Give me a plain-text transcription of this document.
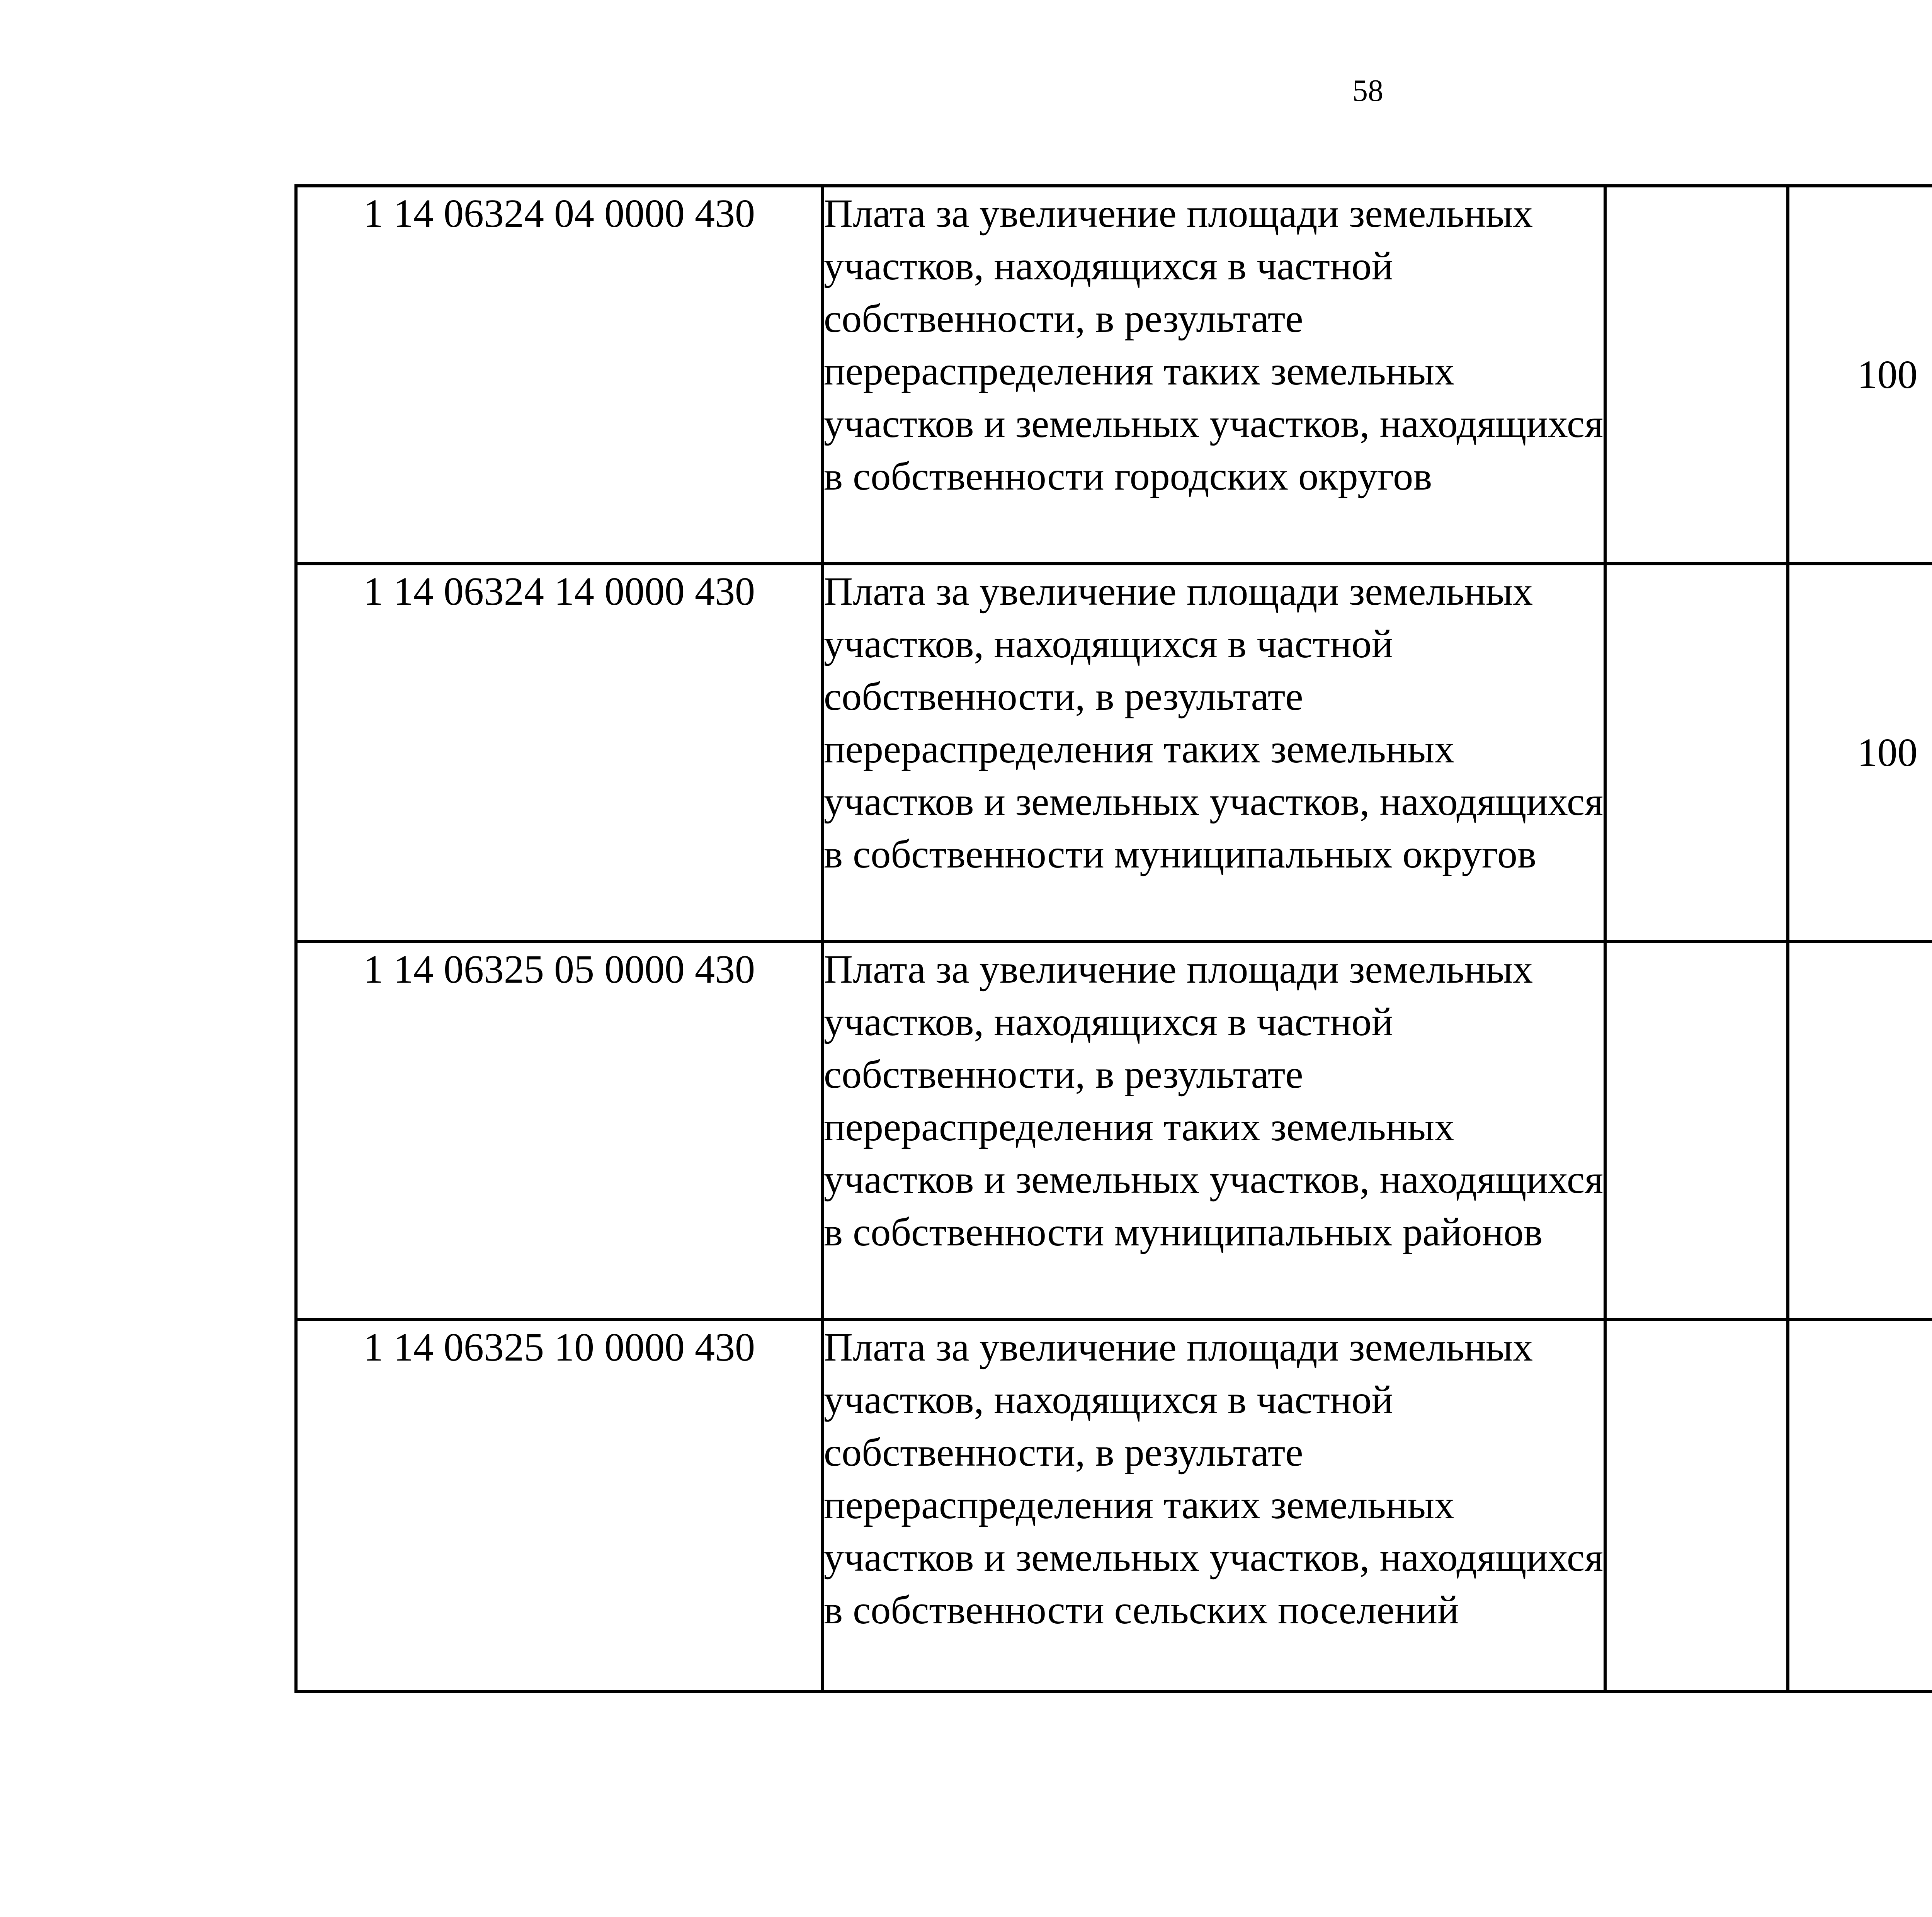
58
1 14 06324 04 0000 430	Плата за увеличение площади земельных участков, находящихся в частной собственности, в результате перераспределения таких земельных участков и земельных участков, находящихся в собственности городских округов		100			
1 14 06324 14 0000 430	Плата за увеличение площади земельных участков, находящихся в частной собственности, в результате перераспределения таких земельных участков и земельных участков, находящихся в собственности муниципальных округов		100			
1 14 06325 05 0000 430	Плата за увеличение площади земельных участков, находящихся в частной собственности, в результате перераспределения таких земельных участков и земельных участков, находящихся в собственности муниципальных районов					
1 14 06325 10 0000 430	Плата за увеличение площади земельных участков, находящихся в частной собственности, в результате перераспределения таких земельных участков и земельных участков, находящихся в собственности сельских поселений					
